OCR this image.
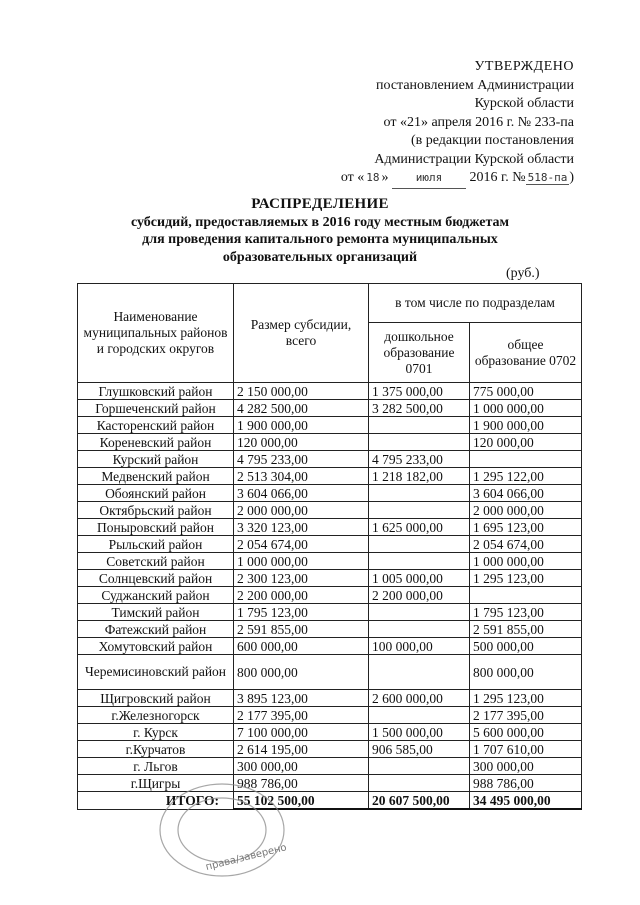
УТВЕРЖДЕНО
постановлением Администрации
Курской области
от «21» апреля 2016 г. № 233-па
(в редакции постановления
Администрации Курской области
от « 18 » июля 2016 г. № 518-па )
РАСПРЕДЕЛЕНИЕ
субсидий, предоставляемых в 2016 году местным бюджетам
для проведения капитального ремонта муниципальных
образовательных организаций
(руб.)
Наименование муниципальных районов и городских округов	Размер субсидии, всего	в том числе по подразделам	
		дошкольное образование 0701	общее образование 0702
Глушковский район	2 150 000,00	1 375 000,00	775 000,00
Горшеченский район	4 282 500,00	3 282 500,00	1 000 000,00
Касторенский район	1 900 000,00		1 900 000,00
Кореневский район	120 000,00		120 000,00
Курский район	4 795 233,00	4 795 233,00	
Медвенский район	2 513 304,00	1 218 182,00	1 295 122,00
Обоянский район	3 604 066,00		3 604 066,00
Октябрьский район	2 000 000,00		2 000 000,00
Поныровский район	3 320 123,00	1 625 000,00	1 695 123,00
Рыльский район	2 054 674,00		2 054 674,00
Советский район	1 000 000,00		1 000 000,00
Солнцевский район	2 300 123,00	1 005 000,00	1 295 123,00
Суджанский район	2 200 000,00	2 200 000,00	
Тимский район	1 795 123,00		1 795 123,00
Фатежский район	2 591 855,00		2 591 855,00
Хомутовский район	600 000,00	100 000,00	500 000,00
Черемисиновский район	800 000,00		800 000,00
Щигровский район	3 895 123,00	2 600 000,00	1 295 123,00
г.Железногорск	2 177 395,00		2 177 395,00
г. Курск	7 100 000,00	1 500 000,00	5 600 000,00
г.Курчатов	2 614 195,00	906 585,00	1 707 610,00
г. Льгов	300 000,00		300 000,00
г.Щигры	988 786,00		988 786,00
ИТОГО:	55 102 500,00	20 607 500,00	34 495 000,00
права/заверено
